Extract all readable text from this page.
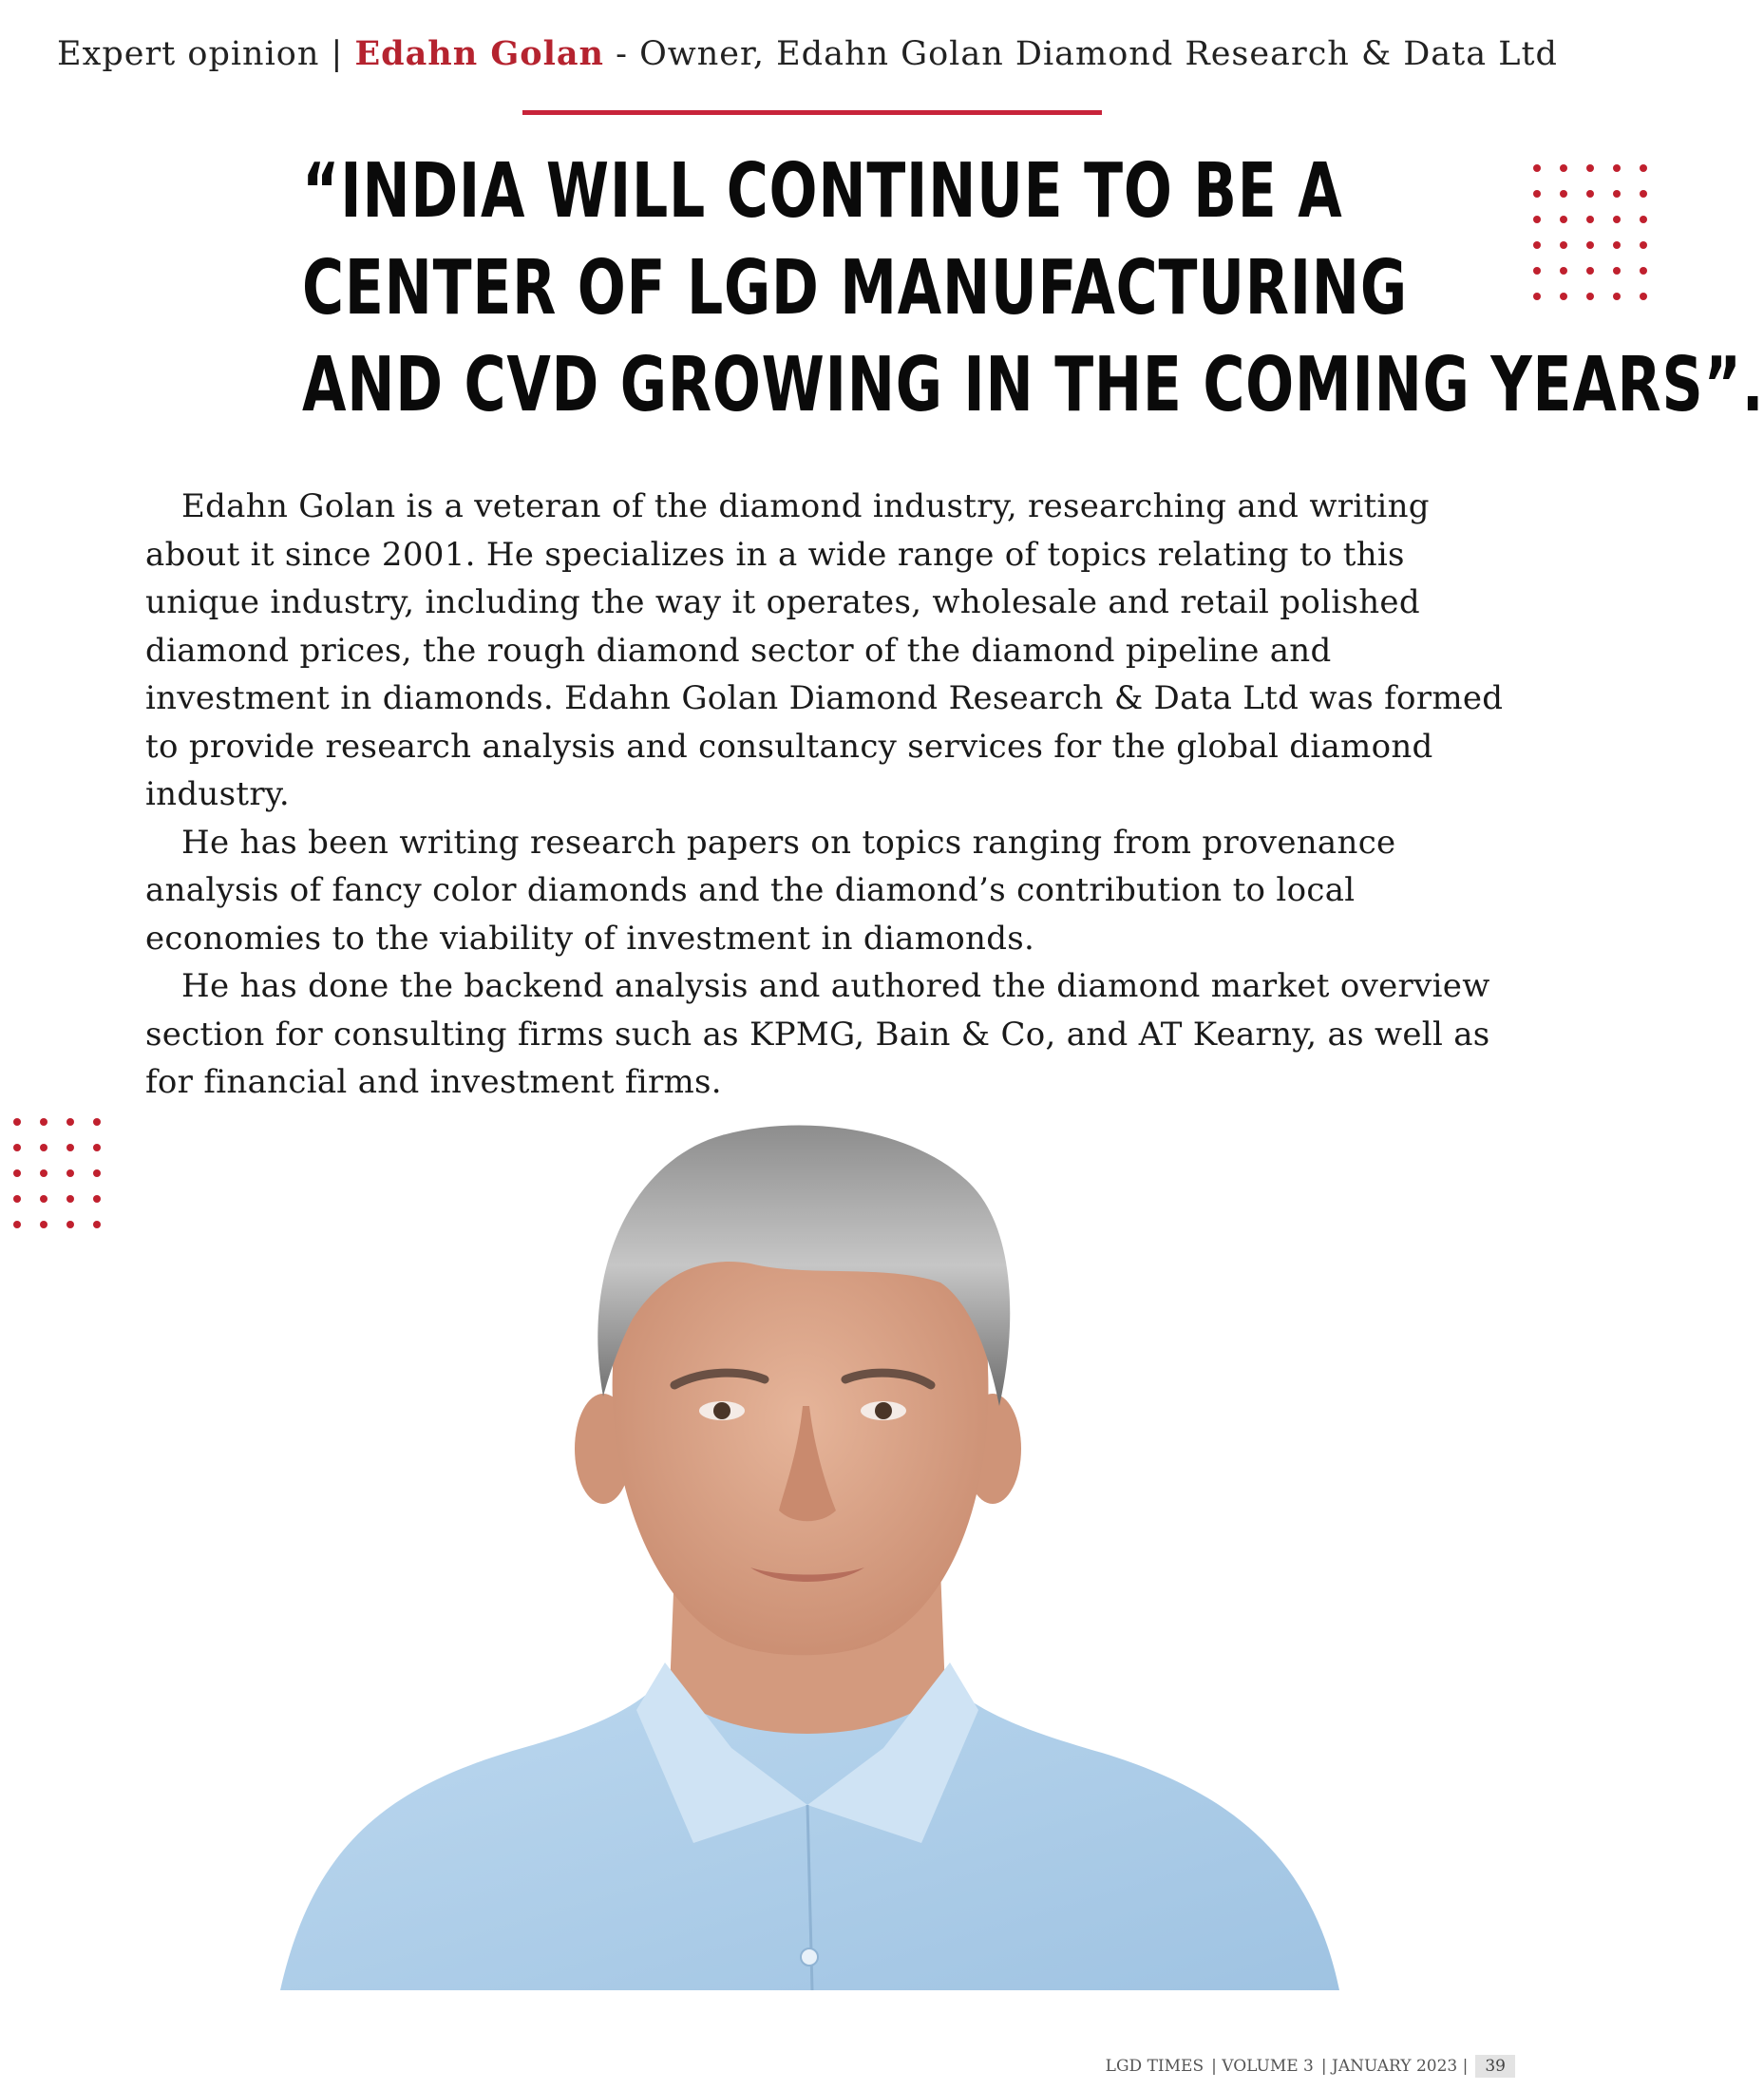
Expert opinion | Edahn Golan - Owner, Edahn Golan Diamond Research & Data Ltd
“INDIA WILL CONTINUE TO BE A
CENTER OF LGD MANUFACTURING
AND CVD GROWING IN THE COMING YEARS”.

Edahn Golan is a veteran of the diamond industry, researching and writing about it since 2001. He specializes in a wide range of topics relating to this unique industry, including the way it operates, wholesale and retail polished diamond prices, the rough diamond sector of the diamond pipeline and investment in diamonds. Edahn Golan Diamond Research & Data Ltd was formed to provide research analysis and consultancy services for the global diamond industry.

He has been writing research papers on topics ranging from provenance analysis of fancy color diamonds and the diamond’s contribution to local economies to the viability of investment in diamonds.

He has done the backend analysis and authored the diamond market overview section for consulting firms such as KPMG, Bain & Co, and AT Kearny, as well as for financial and investment firms.

LGD TIMES | VOLUME 3 | JANUARY 2023 |	39
